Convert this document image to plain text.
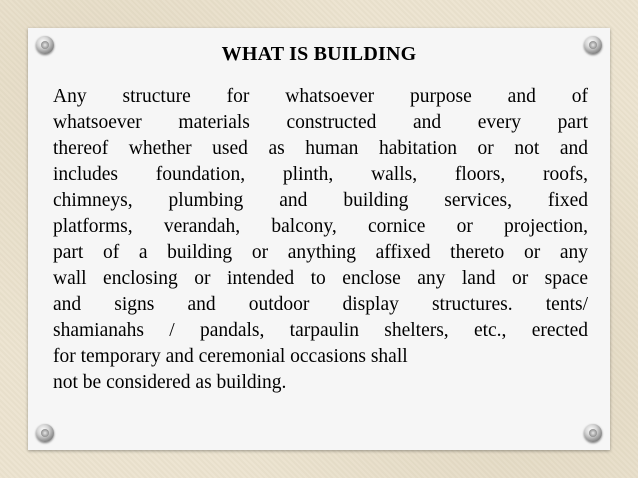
WHAT IS BUILDING
Any structure for whatsoever purpose and of
whatsoever materials constructed and every part
thereof whether used as human habitation or not and
includes foundation, plinth, walls, floors, roofs,
chimneys, plumbing and building services, fixed
platforms, verandah, balcony, cornice or projection,
part of a building or anything affixed thereto or any
wall enclosing or intended to enclose any land or space
and signs and outdoor display structures. tents/
shamianahs / pandals, tarpaulin shelters, etc., erected
for temporary and ceremonial occasions shall
not be considered as building.
